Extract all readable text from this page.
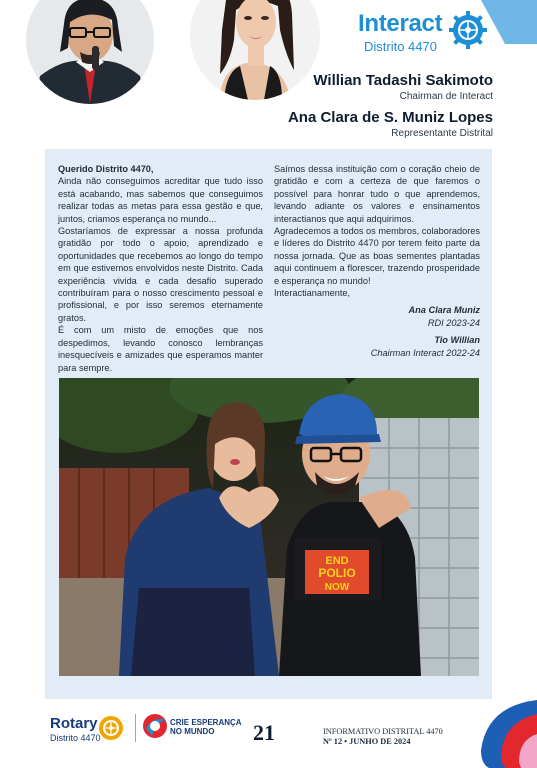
Interact
Distrito 4470
Willian Tadashi Sakimoto
Chairman de Interact
Ana Clara de S. Muniz Lopes
Representante Distrital

Querido Distrito 4470,

Ainda não conseguimos acreditar que tudo isso está acabando, mas sabemos que conseguimos realizar todas as metas para essa gestão e que, juntos, criamos esperança no mundo...

Gostaríamos de expressar a nossa profunda gratidão por todo o apoio, aprendizado e oportunidades que recebemos ao longo do tempo em que estivemos envolvidos neste Distrito. Cada experiência vivida e cada desafio superado contribuíram para o nosso crescimento pessoal e profissional, e por isso seremos eternamente gratos.

É com um misto de emoções que nos despedimos, levando conosco lembranças inesquecíveis e amizades que esperamos manter para sempre.

Saímos dessa instituição com o coração cheio de gratidão e com a certeza de que faremos o possível para honrar tudo o que aprendemos, levando adiante os valores e ensinamentos interactianos que aqui adquirimos.

Agradecemos a todos os membros, colaboradores e líderes do Distrito 4470 por terem feito parte da nossa jornada. Que as boas sementes plantadas aqui continuem a florescer, trazendo prosperidade e esperança no mundo!

Interactianamente,

Ana Clara Muniz
RDI 2023-24
Tio Willian
Chairman Interact 2022-24
END
POLIO
NOW
Rotary
Distrito 4470
CRIE ESPERANÇA
NO MUNDO	21	INFORMATIVO DISTRITAL 4470
Nº 12 • JUNHO DE 2024
